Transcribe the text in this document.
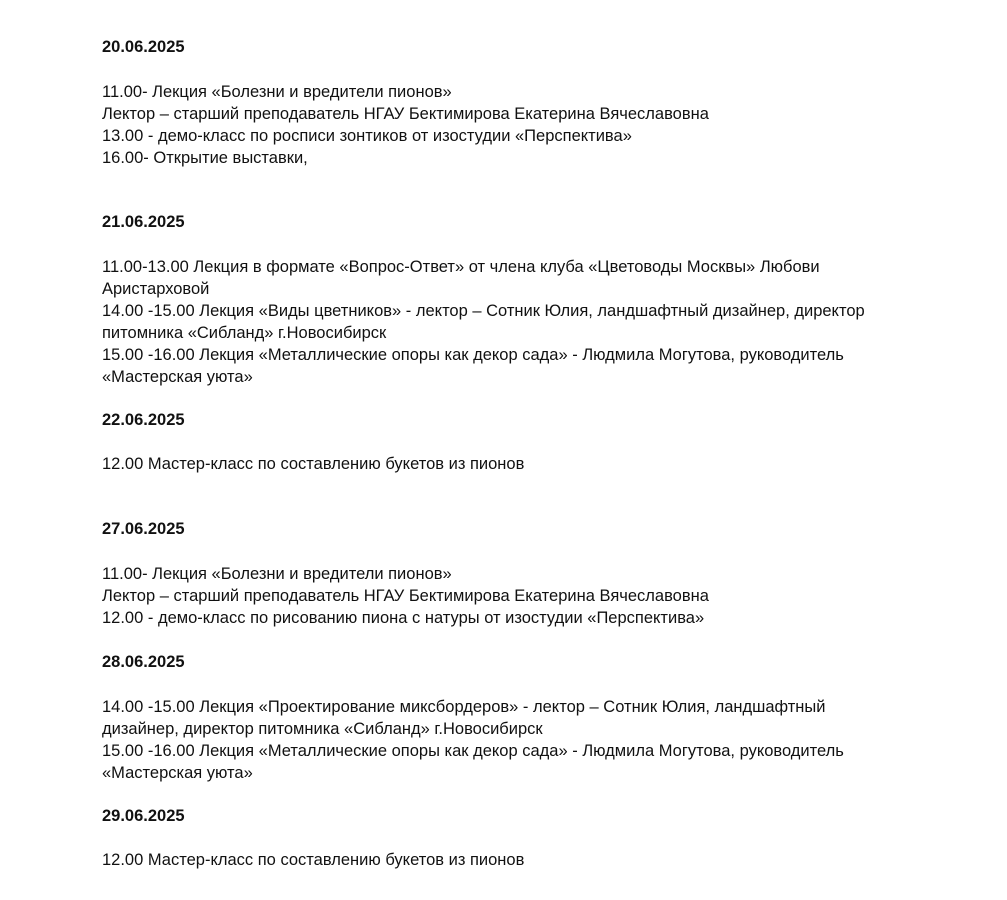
20.06.2025

11.00- Лекция «Болезни и вредители пионов»

Лектор – старший преподаватель НГАУ Бектимирова Екатерина Вячеславовна

13.00 - демо-класс по росписи зонтиков от изостудии «Перспектива»

16.00- Открытие выставки,

21.06.2025

11.00-13.00 Лекция в формате «Вопрос-Ответ» от члена клуба «Цветоводы Москвы» Любови

Аристарховой

14.00 -15.00 Лекция «Виды цветников» - лектор – Сотник Юлия, ландшафтный дизайнер, директор

питомника «Сибланд» г.Новосибирск

15.00 -16.00 Лекция «Металлические опоры как декор сада» - Людмила Могутова, руководитель

«Мастерская уюта»

22.06.2025

12.00 Мастер-класс по составлению букетов из пионов

27.06.2025

11.00- Лекция «Болезни и вредители пионов»

Лектор – старший преподаватель НГАУ Бектимирова Екатерина Вячеславовна

12.00 - демо-класс по рисованию пиона с натуры от изостудии «Перспектива»

28.06.2025

14.00 -15.00 Лекция «Проектирование миксбордеров» - лектор – Сотник Юлия, ландшафтный

дизайнер, директор питомника «Сибланд» г.Новосибирск

15.00 -16.00 Лекция «Металлические опоры как декор сада» - Людмила Могутова, руководитель

«Мастерская уюта»

29.06.2025

12.00 Мастер-класс по составлению букетов из пионов
